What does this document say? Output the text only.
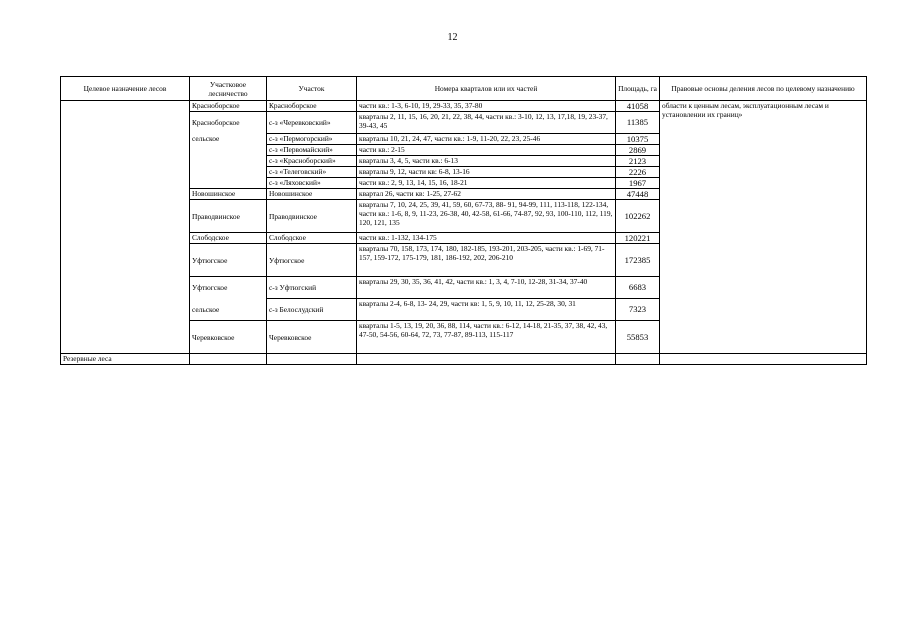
12
Целевое назначение лесов	Участковое лесничество	Участок	Номера кварталов или их частей	Площадь, га	Правовые основы деления лесов по целевому назначению
	Красноборское	Красноборское	части кв.: 1-3, 6-10, 19, 29-33, 35, 37-80	41058	области к ценным лесам, эксплуатационным лесам и установлении их границ»
	Красноборское	с-з «Черевковский»	кварталы 2, 11, 15, 16, 20, 21, 22, 38, 44, части кв.: 3-10, 12, 13, 17,18, 19, 23-37, 39-43, 45	11385	
	сельское	с-з «Пермогорский»	кварталы 10, 21, 24, 47, части кв.: 1-9, 11-20, 22, 23, 25-46	10375	
		с-з «Первомайский»	части кв.: 2-15	2869	
		с-з «Красноборский»	кварталы 3, 4, 5, части кв.: 6-13	2123	
		с-з «Телеговский»	кварталы 9, 12, части кв: 6-8, 13-16	2226	
		с-з «Ляховский»	части кв.: 2, 9, 13, 14, 15, 16, 18-21	1967	
	Новошинское	Новошинское	квартал 26, части кв: 1-25, 27-62	47448	
	Праводвинское	Праводвинское	кварталы 7, 10, 24, 25, 39, 41, 59, 60, 67-73, 88- 91, 94-99, 111, 113-118, 122-134, части кв.: 1-6, 8, 9, 11-23, 26-38, 40, 42-58, 61-66, 74-87, 92, 93, 100-110, 112, 119, 120, 121, 135	102262	
	Слободское	Слободское	части кв.: 1-132, 134-175	120221	
	Уфтюгское	Уфтюгское	кварталы 70, 158, 173, 174, 180, 182-185, 193-201, 203-205, части кв.: 1-69, 71- 157, 159-172, 175-179, 181, 186-192, 202, 206-210	172385	
	Уфтюгское	с-з Уфтюгский	кварталы 29, 30, 35, 36, 41, 42, части кв.: 1, 3, 4, 7-10, 12-28, 31-34, 37-40	6683	
	сельское	с-з Белослудский	кварталы 2-4, 6-8, 13- 24, 29, части кв: 1, 5, 9, 10, 11, 12, 25-28, 30, 31	7323	
	Черевковское	Черевковское	кварталы 1-5, 13, 19, 20, 36, 88, 114, части кв.: 6-12, 14-18, 21-35, 37, 38, 42, 43, 47-50, 54-56, 60-64, 72, 73, 77-87, 89-113, 115-117	55853	
Резервные леса					
